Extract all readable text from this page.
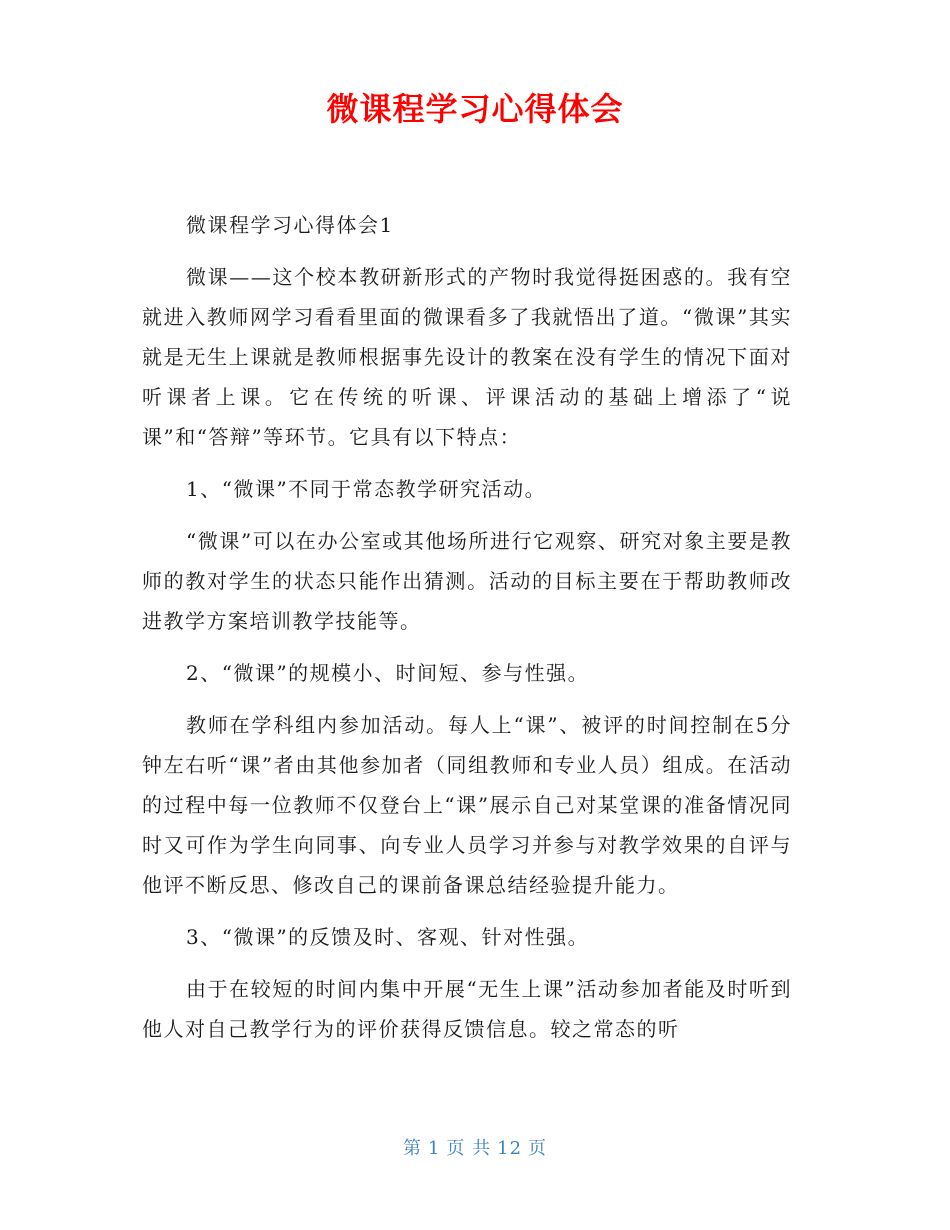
微课程学习心得体会

微课程学习心得体会1

微课——这个校本教研新形式的产物时我觉得挺困惑的。我有空就进入教师网学习看看里面的微课看多了我就悟出了道。“微课”其实就是无生上课就是教师根据事先设计的教案在没有学生的情况下面对听课者上课。它在传统的听课、评课活动的基础上增添了“说课”和“答辩”等环节。它具有以下特点：

1、“微课”不同于常态教学研究活动。

“微课”可以在办公室或其他场所进行它观察、研究对象主要是教师的教对学生的状态只能作出猜测。活动的目标主要在于帮助教师改进教学方案培训教学技能等。

2、“微课”的规模小、时间短、参与性强。

教师在学科组内参加活动。每人上“课”、被评的时间控制在5分钟左右听“课”者由其他参加者（同组教师和专业人员）组成。在活动的过程中每一位教师不仅登台上“课”展示自己对某堂课的准备情况同时又可作为学生向同事、向专业人员学习并参与对教学效果的自评与他评不断反思、修改自己的课前备课总结经验提升能力。

3、“微课”的反馈及时、客观、针对性强。

由于在较短的时间内集中开展“无生上课”活动参加者能及时听到他人对自己教学行为的评价获得反馈信息。较之常态的听

第 1 页 共 12 页
